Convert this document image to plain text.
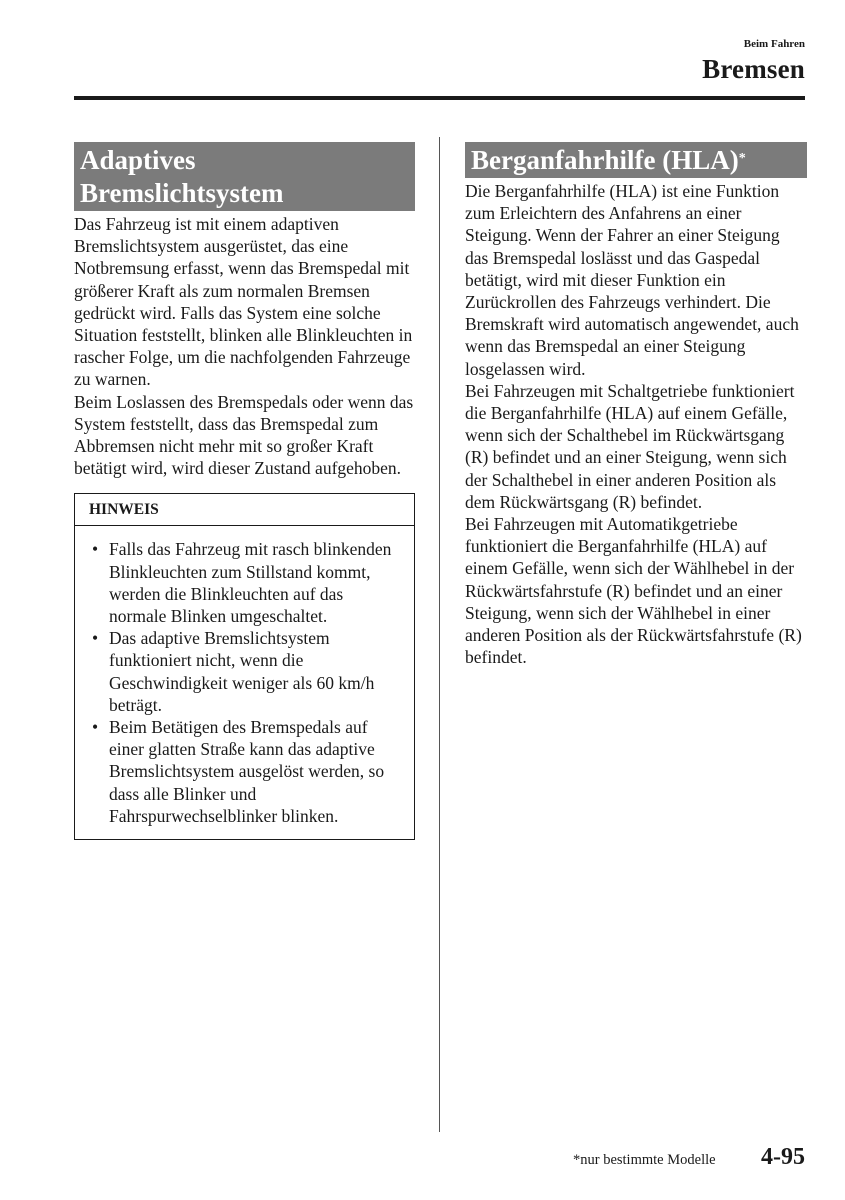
Beim Fahren
Bremsen
Adaptives
Bremslichtsystem

Das Fahrzeug ist mit einem adaptiven Bremslichtsystem ausgerüstet, das eine Notbremsung erfasst, wenn das Bremspedal mit größerer Kraft als zum normalen Bremsen gedrückt wird. Falls das System eine solche Situation feststellt, blinken alle Blinkleuchten in rascher Folge, um die nachfolgenden Fahrzeuge zu warnen.

Beim Loslassen des Bremspedals oder wenn das System feststellt, dass das Bremspedal zum Abbremsen nicht mehr mit so großer Kraft betätigt wird, wird dieser Zustand aufgehoben.

HINWEIS
• Falls das Fahrzeug mit rasch blinkenden Blinkleuchten zum Stillstand kommt, werden die Blinkleuchten auf das normale Blinken umgeschaltet.
• Das adaptive Bremslichtsystem funktioniert nicht, wenn die Geschwindigkeit weniger als 60 km/h beträgt.
• Beim Betätigen des Bremspedals auf einer glatten Straße kann das adaptive Bremslichtsystem ausgelöst werden, so dass alle Blinker und Fahrspurwechselblinker blinken.
Berganfahrhilfe (HLA)*

Die Berganfahrhilfe (HLA) ist eine Funktion zum Erleichtern des Anfahrens an einer Steigung. Wenn der Fahrer an einer Steigung das Bremspedal loslässt und das Gaspedal betätigt, wird mit dieser Funktion ein Zurückrollen des Fahrzeugs verhindert. Die Bremskraft wird automatisch angewendet, auch wenn das Bremspedal an einer Steigung losgelassen wird.

Bei Fahrzeugen mit Schaltgetriebe funktioniert die Berganfahrhilfe (HLA) auf einem Gefälle, wenn sich der Schalthebel im Rückwärtsgang (R) befindet und an einer Steigung, wenn sich der Schalthebel in einer anderen Position als dem Rückwärtsgang (R) befindet.

Bei Fahrzeugen mit Automatikgetriebe funktioniert die Berganfahrhilfe (HLA) auf einem Gefälle, wenn sich der Wählhebel in der Rückwärtsfahrstufe (R) befindet und an einer Steigung, wenn sich der Wählhebel in einer anderen Position als der Rückwärtsfahrstufe (R) befindet.

*nur bestimmte Modelle 4-95
